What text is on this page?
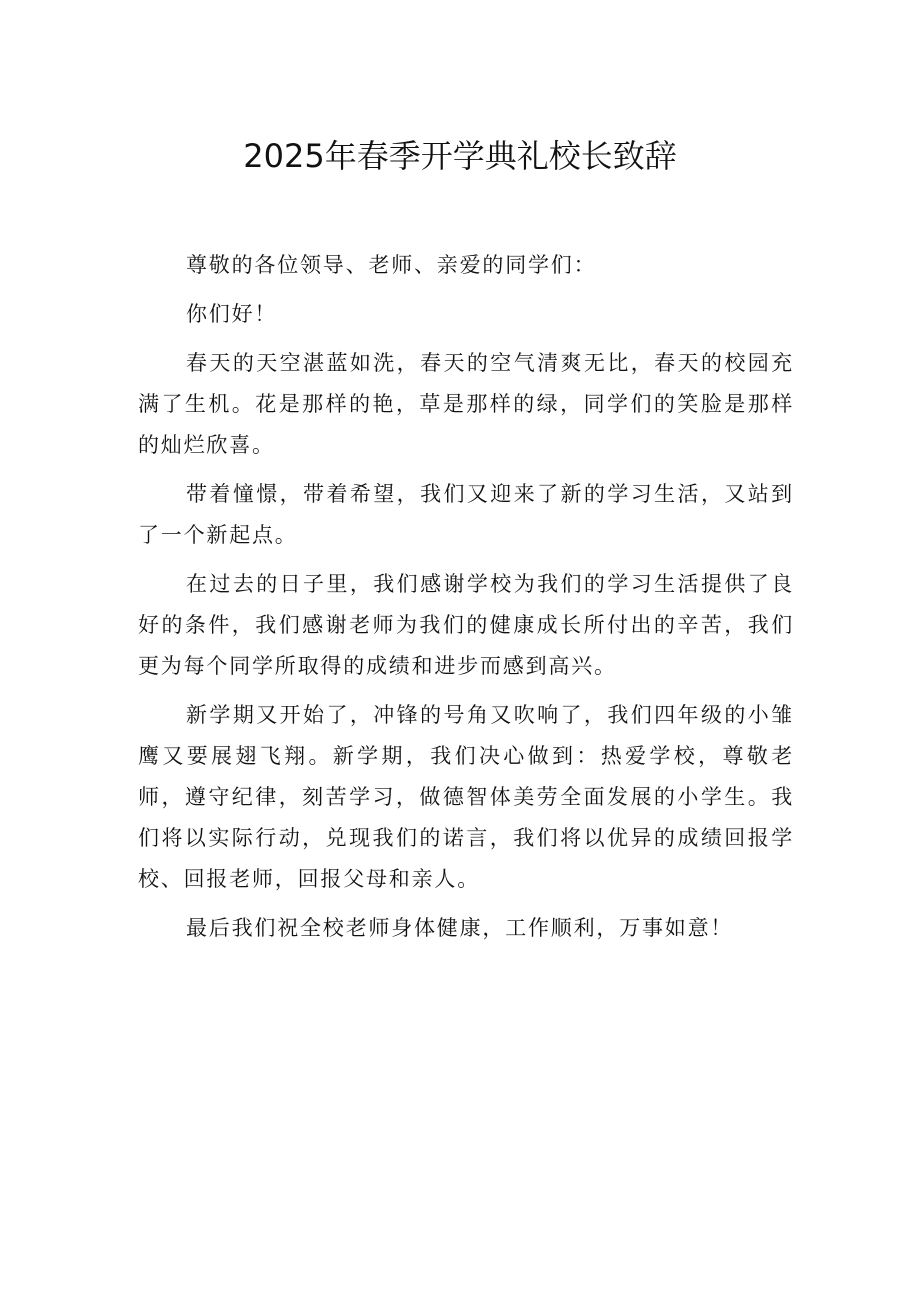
2025年春季开学典礼校长致辞

尊敬的各位领导、老师、亲爱的同学们：

你们好！

春天的天空湛蓝如洗，春天的空气清爽无比，春天的校园充满了生机。花是那样的艳，草是那样的绿，同学们的笑脸是那样的灿烂欣喜。

带着憧憬，带着希望，我们又迎来了新的学习生活，又站到了一个新起点。

在过去的日子里，我们感谢学校为我们的学习生活提供了良好的条件，我们感谢老师为我们的健康成长所付出的辛苦，我们更为每个同学所取得的成绩和进步而感到高兴。

新学期又开始了，冲锋的号角又吹响了，我们四年级的小雏鹰又要展翅飞翔。新学期，我们决心做到：热爱学校，尊敬老师，遵守纪律，刻苦学习，做德智体美劳全面发展的小学生。我们将以实际行动，兑现我们的诺言，我们将以优异的成绩回报学校、回报老师，回报父母和亲人。

最后我们祝全校老师身体健康，工作顺利，万事如意！
